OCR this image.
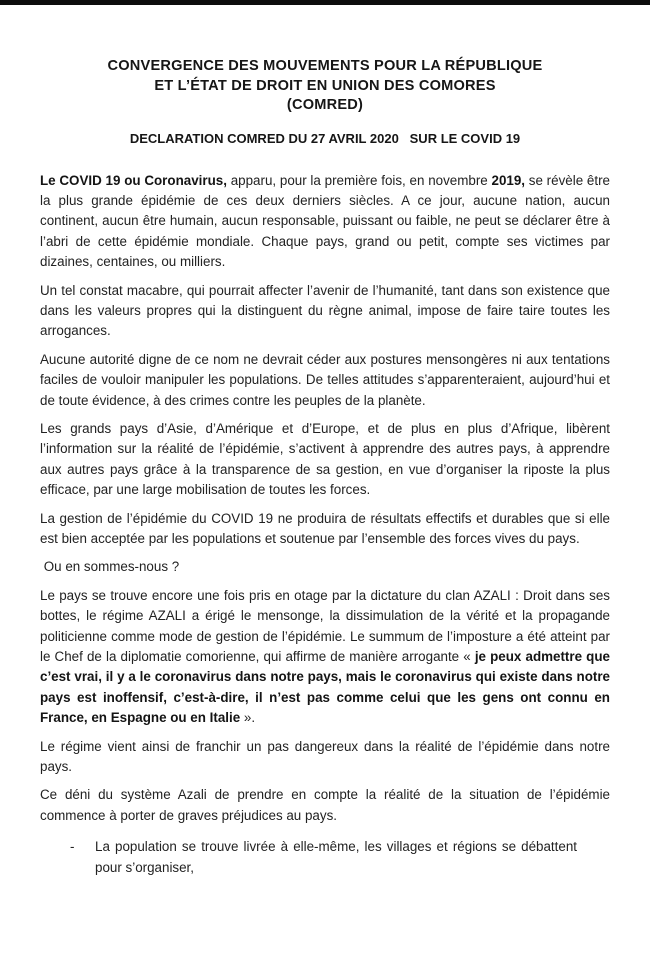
CONVERGENCE DES MOUVEMENTS POUR LA RÉPUBLIQUE
ET L’ÉTAT DE DROIT EN UNION DES COMORES
(COMRED)
DECLARATION COMRED DU 27 AVRIL 2020   SUR LE COVID 19
Le COVID 19 ou Coronavirus, apparu, pour la première fois, en novembre 2019, se révèle être la plus grande épidémie de ces deux derniers siècles. A ce jour, aucune nation, aucun continent, aucun être humain, aucun responsable, puissant ou faible, ne peut se déclarer être à l’abri de cette épidémie mondiale. Chaque pays, grand ou petit, compte ses victimes par dizaines, centaines, ou milliers.
Un tel constat macabre, qui pourrait affecter l’avenir de l’humanité, tant dans son existence que dans les valeurs propres qui la distinguent du règne animal, impose de faire taire toutes les arrogances.
Aucune autorité digne de ce nom ne devrait céder aux postures mensongères ni aux tentations faciles de vouloir manipuler les populations. De telles attitudes s’apparenteraient, aujourd’hui et de toute évidence, à des crimes contre les peuples de la planète.
Les grands pays d’Asie, d’Amérique et d’Europe, et de plus en plus d’Afrique, libèrent l’information sur la réalité de l’épidémie, s’activent à apprendre des autres pays, à apprendre aux autres pays grâce à la transparence de sa gestion, en vue d’organiser la riposte la plus efficace, par une large mobilisation de toutes les forces.
La gestion de l’épidémie du COVID 19 ne produira de résultats effectifs et durables que si elle est bien acceptée par les populations et soutenue par l’ensemble des forces vives du pays.
Ou en sommes-nous ?
Le pays se trouve encore une fois pris en otage par la dictature du clan AZALI : Droit dans ses bottes, le régime AZALI a érigé le mensonge, la dissimulation de la vérité et la propagande politicienne comme mode de gestion de l’épidémie. Le summum de l’imposture a été atteint par le Chef de la diplomatie comorienne, qui affirme de manière arrogante « je peux admettre que c’est vrai, il y a le coronavirus dans notre pays, mais le coronavirus qui existe dans notre pays est inoffensif, c’est-à-dire, il n’est pas comme celui que les gens ont connu en France, en Espagne ou en Italie ».
Le régime vient ainsi de franchir un pas dangereux dans la réalité de l’épidémie dans notre pays.
Ce déni du système Azali de prendre en compte la réalité de la situation de l’épidémie commence à porter de graves préjudices au pays.
-	La population se trouve livrée à elle-même, les villages et régions se débattent pour s’organiser,
